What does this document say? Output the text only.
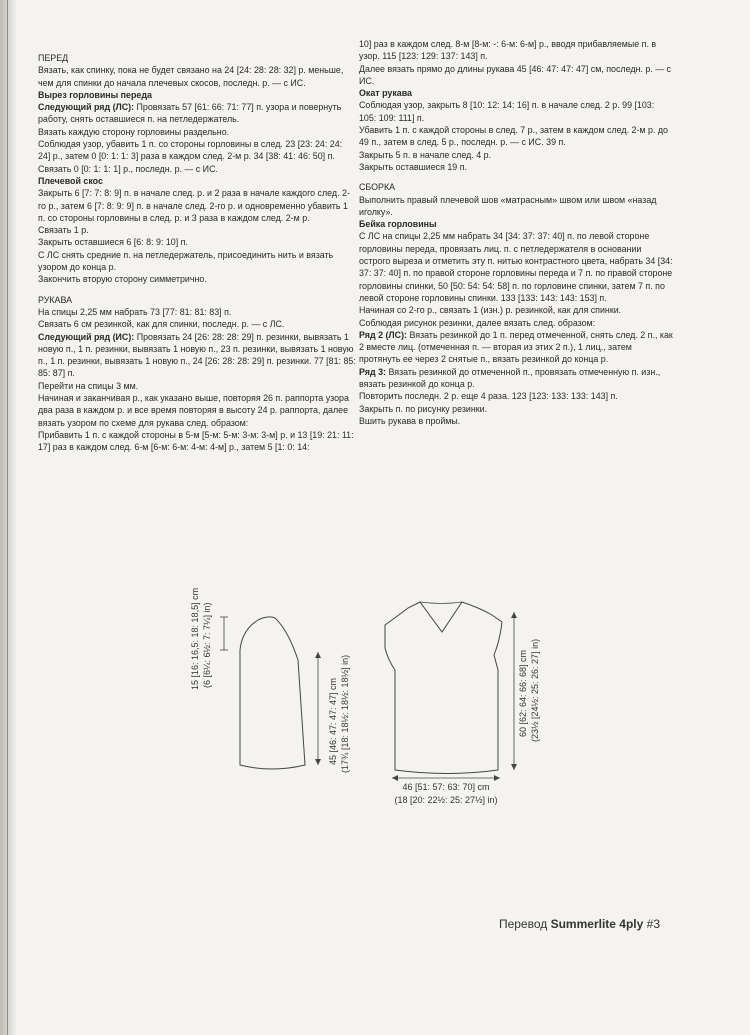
ПЕРЕД

Вязать, как спинку, пока не будет связано на 24 [24: 28: 28: 32] р. меньше, чем для спинки до начала плечевых скосов, последн. р. — с ИС.

Вырез горловины переда

Следующий ряд (ЛС): Провязать 57 [61: 66: 71: 77] п. узора и повернуть работу, снять оставшиеся п. на петледержатель.

Вязать каждую сторону горловины раздельно.

Соблюдая узор, убавить 1 п. со стороны горловины в след. 23 [23: 24: 24: 24] р., затем 0 [0: 1: 1: 3] раза в каждом след. 2-м р. 34 [38: 41: 46: 50] п.

Связать 0 [0: 1: 1: 1] р., последн. р. — с ИС.

Плечевой скос

Закрыть 6 [7: 7: 8: 9] п. в начале след. р. и 2 раза в начале каждого след. 2-го р., затем 6 [7: 8: 9: 9] п. в начале след. 2-го р. и одновременно убавить 1 п. со стороны горловины в след. р. и 3 раза в каждом след. 2-м р.

Связать 1 р.

Закрыть оставшиеся 6 [6: 8: 9: 10] п.

С ЛС снять средние п. на петледержатель, присоединить нить и вязать узором до конца р.

Закончить вторую сторону симметрично.

РУКАВА

На спицы 2,25 мм набрать 73 [77: 81: 81: 83] п.

Связать 6 см резинкой, как для спинки, последн. р. — с ЛС.

Следующий ряд (ИС): Провязать 24 [26: 28: 28: 29] п. резинки, вывязать 1 новую п., 1 п. резинки, вывязать 1 новую п., 23 п. резинки, вывязать 1 новую п., 1 п. резинки, вывязать 1 новую п., 24 [26: 28: 28: 29] п. резинки. 77 [81: 85: 85: 87] п.

Перейти на спицы 3 мм.

Начиная и заканчивая р., как указано выше, повторяя 26 п. раппорта узора два раза в каждом р. и все время повторяя в высоту 24 р. раппорта, далее вязать узором по схеме для рукава след. образом:

Прибавить 1 п. с каждой стороны в 5-м [5-м: 5-м: 3-м: 3-м] р. и 13 [19: 21: 11: 17] раз в каждом след. 6-м [6-м: 6-м: 4-м: 4-м] р., затем 5 [1: 0: 14:

10] раз в каждом след. 8-м [8-м: -: 6-м: 6-м] р., вводя прибавляемые п. в узор. 115 [123: 129: 137: 143] п.

Далее вязать прямо до длины рукава 45 [46: 47: 47: 47] см, последн. р. — с ИС.

Окат рукава

Соблюдая узор, закрыть 8 [10: 12: 14: 16] п. в начале след. 2 р. 99 [103: 105: 109: 111] п.

Убавить 1 п. с каждой стороны в след. 7 р., затем в каждом след. 2-м р. до 49 п., затем в след. 5 р., последн. р. — с ИС. 39 п.

Закрыть 5 п. в начале след. 4 р.

Закрыть оставшиеся 19 п.

СБОРКА

Выполнить правый плечевой шов «матрасным» швом или швом «назад иголку».

Бейка горловины

С ЛС на спицы 2,25 мм набрать 34 [34: 37: 37: 40] п. по левой стороне горловины переда, провязать лиц. п. с петледержателя в основании острого выреза и отметить эту п. нитью контрастного цвета, набрать 34 [34: 37: 37: 40] п. по правой стороне горловины переда и 7 п. по правой стороне горловины спинки, 50 [50: 54: 54: 58] п. по горловине спинки, затем 7 п. по левой стороне горловины спинки. 133 [133: 143: 143: 153] п.

Начиная со 2-го р., связать 1 (изн.) р. резинкой, как для спинки.

Соблюдая рисунок резинки, далее вязать след. образом:

Ряд 2 (ЛС): Вязать резинкой до 1 п. перед отмеченной, снять след. 2 п., как 2 вместе лиц. (отмеченная п. — вторая из этих 2 п.), 1 лиц., затем протянуть ее через 2 снятые п., вязать резинкой до конца р.

Ряд 3: Вязать резинкой до отмеченной п., провязать отмеченную п. изн., вязать резинкой до конца р.

Повторить последн. 2 р. еще 4 раза. 123 [123: 133: 133: 143] п.

Закрыть п. по рисунку резинки.

Вшить рукава в проймы.

15 [16: 16,5: 18: 18,5] cm (6 [6¼: 6½: 7: 7¼] in)
45 [46: 47: 47: 47] cm (17¾ [18: 18½: 18½: 18½] in)	60 [62: 64: 66: 68] cm (23½ [24½: 25: 26: 27] in)
46 [51: 57: 63: 70] cm
(18 [20: 22½: 25: 27½] in)
Перевод Summerlite 4ply #3
